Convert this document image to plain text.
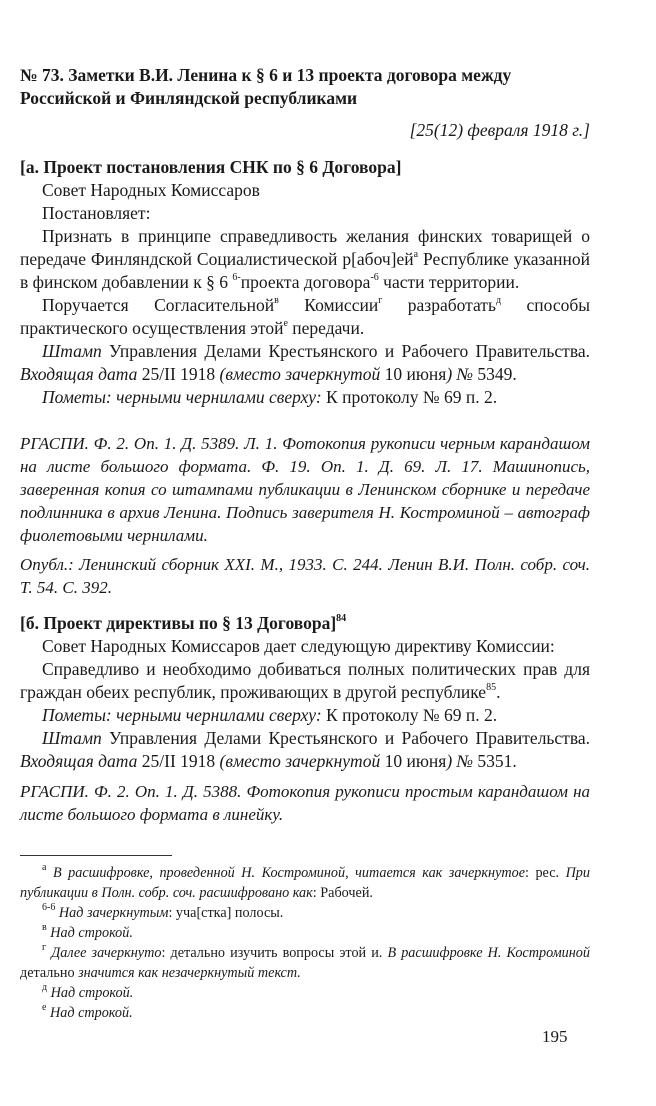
№ 73. Заметки В.И. Ленина к § 6 и 13 проекта договора между
Российской и Финляндской республиками
[25(12) февраля 1918 г.]

[а. Проект постановления СНК по § 6 Договора]

Совет Народных Комиссаров

Постановляет:

Признать в принципе справедливость желания финских товарищей о передаче Финляндской Социалистической $р[абоч]ей^а$ Республике указанной в финском добавлении к § 6 $^{6-}$проекта договора$^{-6}$ части территории.

Поручается Согласительной$^в$ Комиссии$^г$ разработать$^д$ способы практического осуществления этой$^е$ передачи.

Штамп Управления Делами Крестьянского и Рабочего Правительства. Входящая дата 25/II 1918 (вместо зачеркнутой 10 июня) № 5349.

Пометы: черными чернилами сверху: К протоколу № 69 п. 2.

РГАСПИ. Ф. 2. Оп. 1. Д. 5389. Л. 1. Фотокопия рукописи черным карандашом на листе большого формата. Ф. 19. Оп. 1. Д. 69. Л. 17. Машинопись, заверенная копия со штампами публикации в Ленинском сборнике и передаче подлинника в архив Ленина. Подпись заверителя Н. Костроминой – автограф фиолетовыми чернилами.
Опубл.: Ленинский сборник XXI. М., 1933. С. 244. Ленин В.И. Полн. собр. соч. Т. 54. С. 392.

[б. Проект директивы по § 13 Договора]$^{84}$

Совет Народных Комиссаров дает следующую директиву Комиссии:

Справедливо и необходимо добиваться полных политических прав для граждан обеих республик, проживающих в другой республике$^{85}$.

Пометы: черными чернилами сверху: К протоколу № 69 п. 2.

Штамп Управления Делами Крестьянского и Рабочего Правительства. Входящая дата 25/II 1918 (вместо зачеркнутой 10 июня) № 5351.

РГАСПИ. Ф. 2. Оп. 1. Д. 5388. Фотокопия рукописи простым карандашом на листе большого формата в линейку.

$^а$ В расшифровке, проведенной Н. Костроминой, читается как зачеркнутое: рес. При публикации в Полн. собр. соч. расшифровано как: Рабочей.

$^{6-6}$ Над зачеркнутым: уча[стка] полосы.

$^в$ Над строкой.

$^г$ Далее зачеркнуто: детально изучить вопросы этой и. В расшифровке Н. Костроминой детально значится как незачеркнутый текст.

$^д$ Над строкой.

$^е$ Над строкой.

195
